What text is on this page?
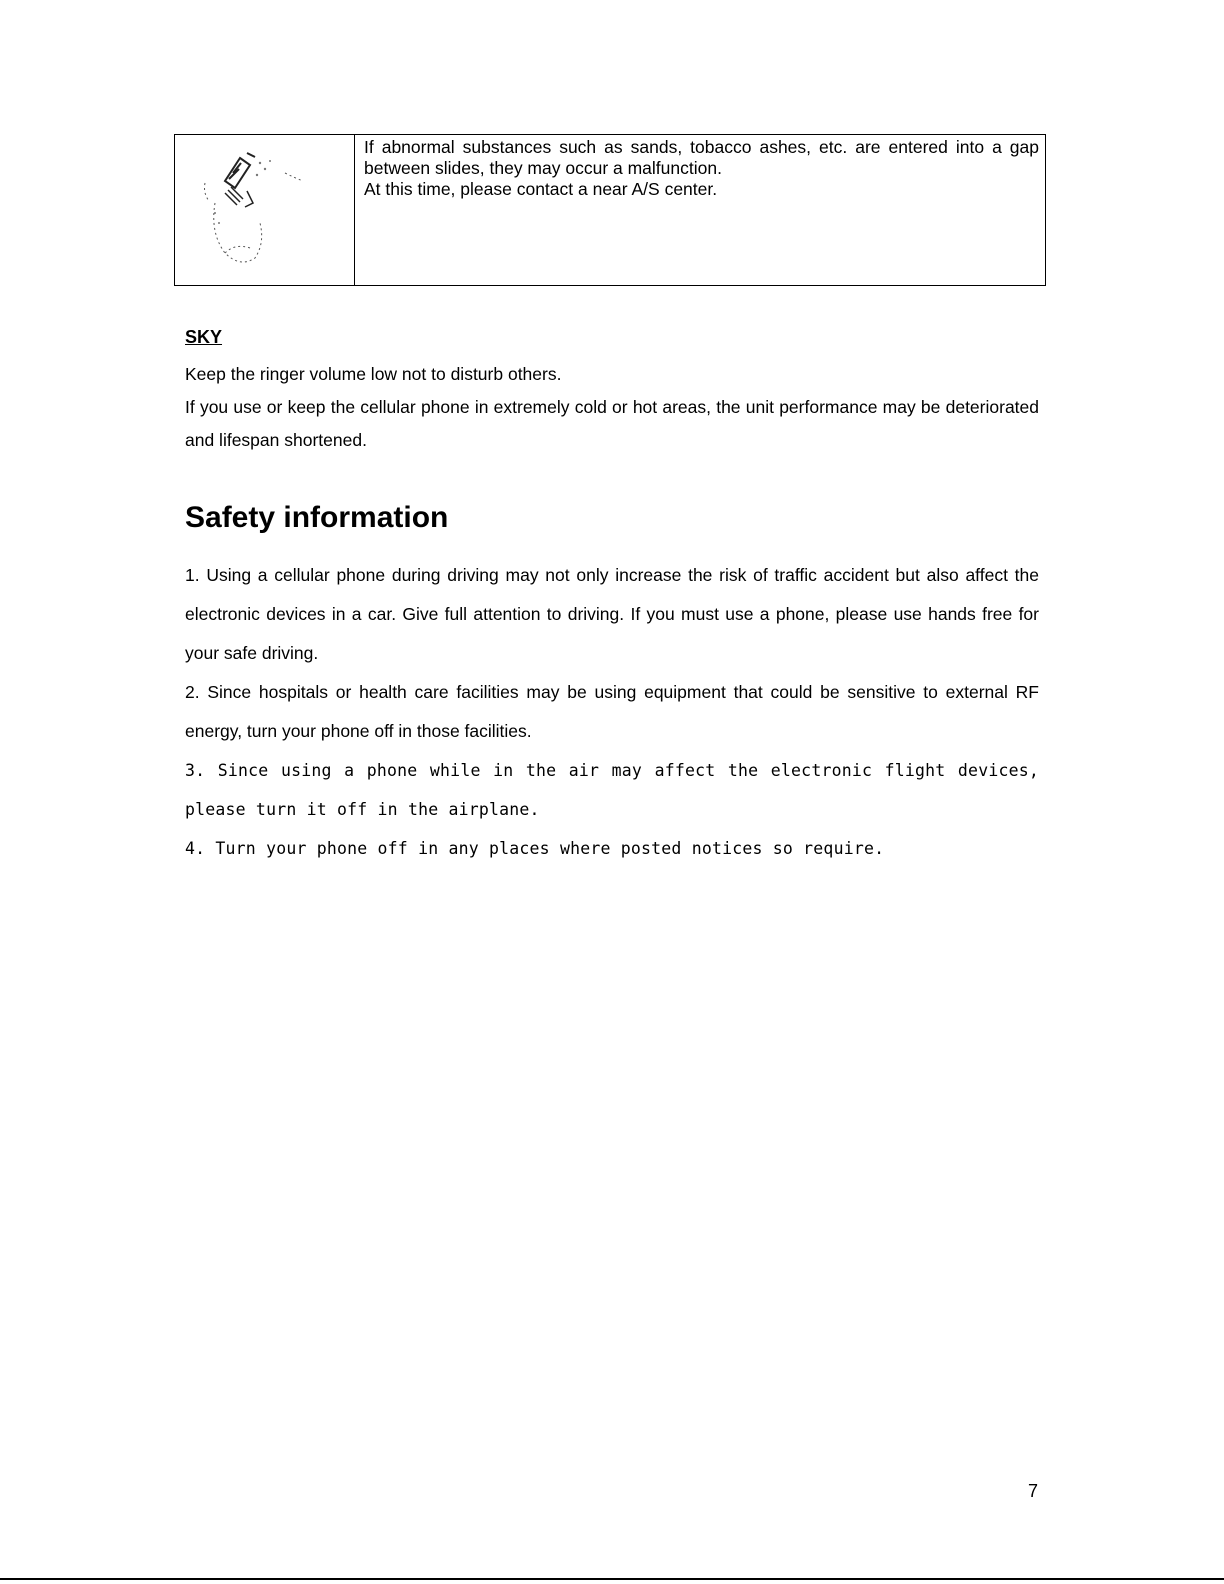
If abnormal substances such as sands, tobacco ashes, etc. are entered into a gap between slides, they may occur a malfunction.

At this time, please contact a near A/S center.

SKY

Keep the ringer volume low not to disturb others.

If you use or keep the cellular phone in extremely cold or hot areas, the unit performance may be deteriorated and lifespan shortened.

Safety information
1. Using a cellular phone during driving may not only increase the risk of traffic accident but also affect the electronic devices in a car. Give full attention to driving. If you must use a phone, please use hands free for your safe driving.
2. Since hospitals or health care facilities may be using equipment that could be sensitive to external RF energy, turn your phone off in those facilities.
3. Since using a phone while in the air may affect the electronic flight devices, please turn it off in the airplane.
4. Turn your phone off in any places where posted notices so require.
7
